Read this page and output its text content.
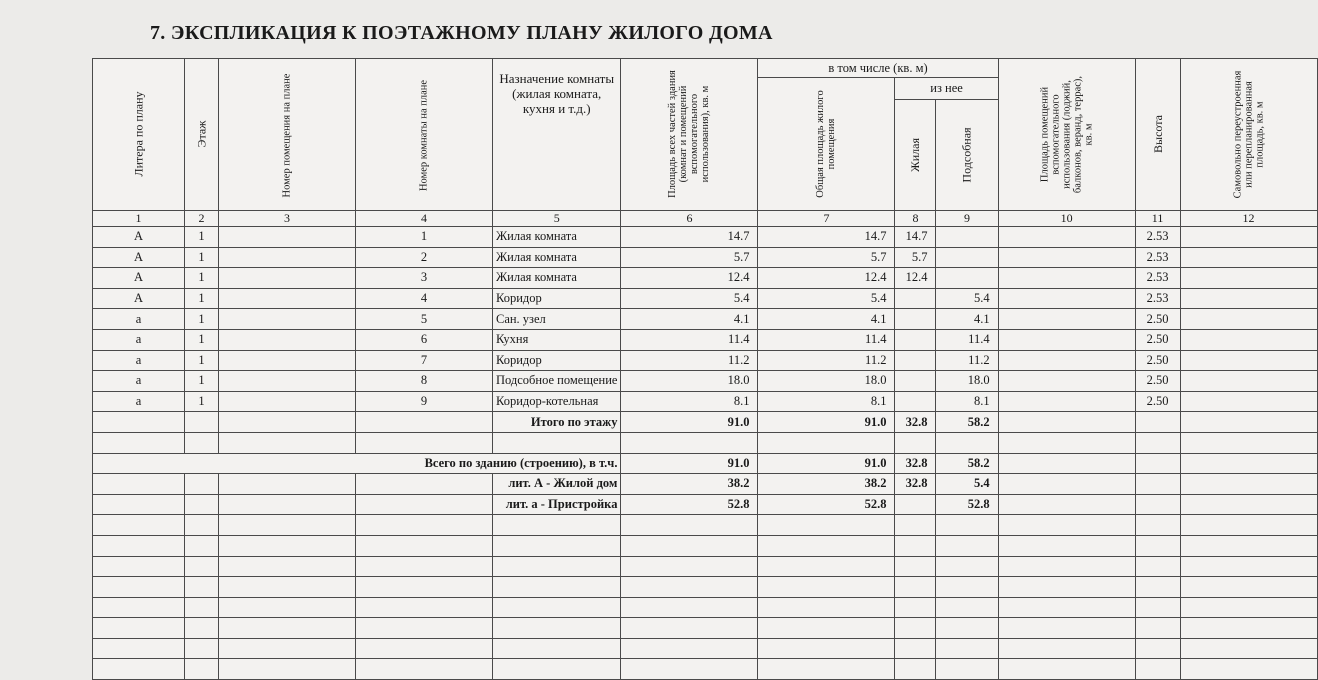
7. ЭКСПЛИКАЦИЯ К ПОЭТАЖНОМУ ПЛАНУ ЖИЛОГО ДОМА
Литера по плану	Этаж	Номер помещения на плане	Номер комнаты на плане	Назначение комнаты (жилая комната, кухня и т.д.)	Площадь всех частей здания (комнат и помещений вспомогательного использования), кв. м	в том числе (кв. м)			Площадь помещений вспомогательного использования (лоджий, балконов, веранд, террас), кв. м	Высота	Самовольно переустроенная или перепланированная площадь, кв. м
						Общая площадь жилого помещения	из нее				
							Жилая	Подсобная			
1	2	3	4	5	6	7	8	9	10	11	12
А	1		1	Жилая комната	14.7	14.7	14.7			2.53	
А	1		2	Жилая комната	5.7	5.7	5.7			2.53	
А	1		3	Жилая комната	12.4	12.4	12.4			2.53	
А	1		4	Коридор	5.4	5.4		5.4		2.53	
а	1		5	Сан. узел	4.1	4.1		4.1		2.50	
а	1		6	Кухня	11.4	11.4		11.4		2.50	
а	1		7	Коридор	11.2	11.2		11.2		2.50	
а	1		8	Подсобное помещение	18.0	18.0		18.0		2.50	
а	1		9	Коридор-котельная	8.1	8.1		8.1		2.50	
				Итого по этажу	91.0	91.0	32.8	58.2			

Всего по зданию (строению), в т.ч.					91.0	91.0	32.8	58.2			
				лит. А - Жилой дом	38.2	38.2	32.8	5.4			
				лит. а - Пристройка	52.8	52.8		52.8			
